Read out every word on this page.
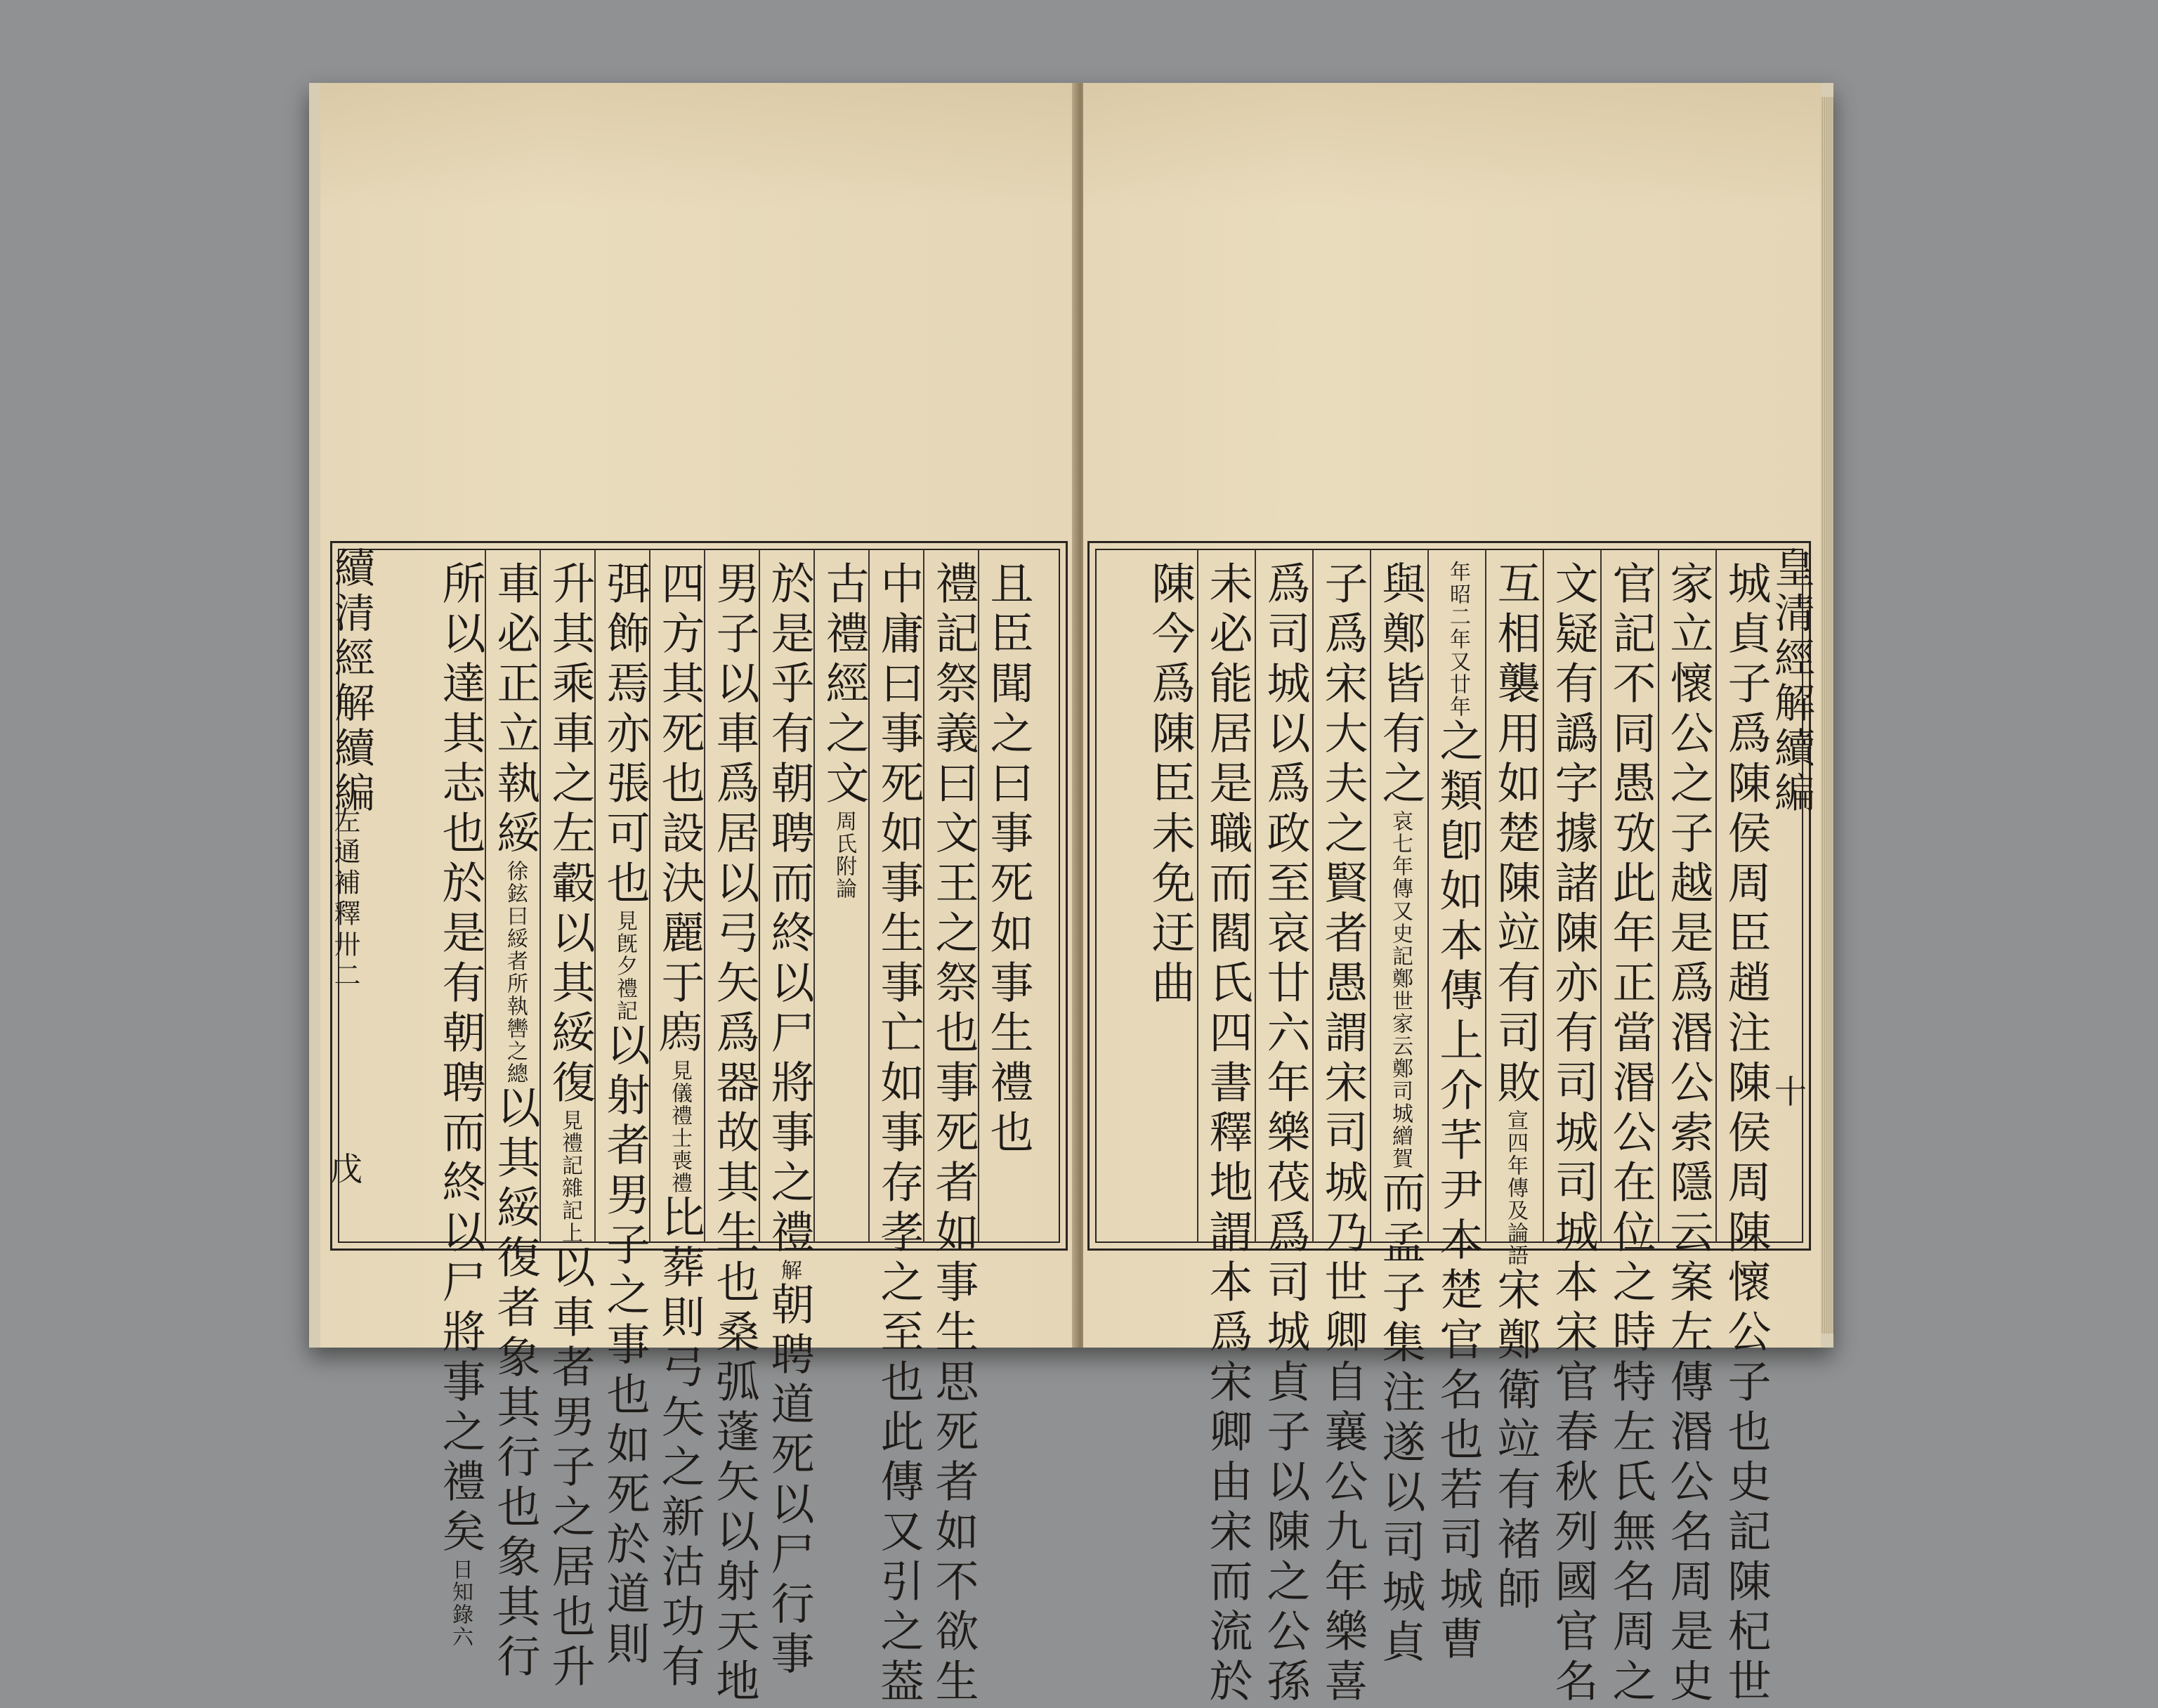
且臣聞之曰事死如事生禮也
禮記祭義曰文王之祭也事死者如事生思死者如不欲生
中庸曰事死如事生事亡如事存孝之至也此傳又引之葢
古禮經之文周氏附論
於是乎有朝聘而終以尸將事之禮解朝聘道死以尸行事
男子以車爲居以弓矢爲器故其生也桑弧蓬矢以射天地
四方其死也設決麗于𢊁見儀禮士喪禮比葬則弓矢之新沽功有
弭飾焉亦張可也見旣夕禮記以射者男子之事也如死於道則
升其乘車之左轂以其綏復見禮記雜記上以車者男子之居也升
車必正立執綏徐鉉曰綏者所執轡之總以其綏復者象其行也象其行
所以達其志也於是有朝聘而終以尸將事之禮矣日知錄六
續清經解續編
左通補釋卅二
戊	城貞子爲陳侯周臣趙注陳侯周陳懷公子也史記陳杞世
家立懷公之子越是爲湣公索隱云案左傳湣公名周是史
官記不同愚攷此年正當湣公在位之時特左氏無名周之
文疑有譌字據諸陳亦有司城司城本宋官春秋列國官名
互相襲用如楚陳竝有司敗宣四年傳及論語宋鄭衛竝有褚師
年昭二年又廿年之類卽如本傳上介芊尹本楚官名也若司城曹
與鄭皆有之哀七年傳又史記鄭世家云鄭司城繒賀而孟子集注遂以司城貞
子爲宋大夫之賢者愚謂宋司城乃世卿自襄公九年樂喜
爲司城以爲政至哀廿六年樂茷爲司城貞子以陳之公孫
未必能居是職而閻氏四書釋地謂本爲宋卿由宋而流於
陳今爲陳臣未免迂曲	皇清經解續編
十
